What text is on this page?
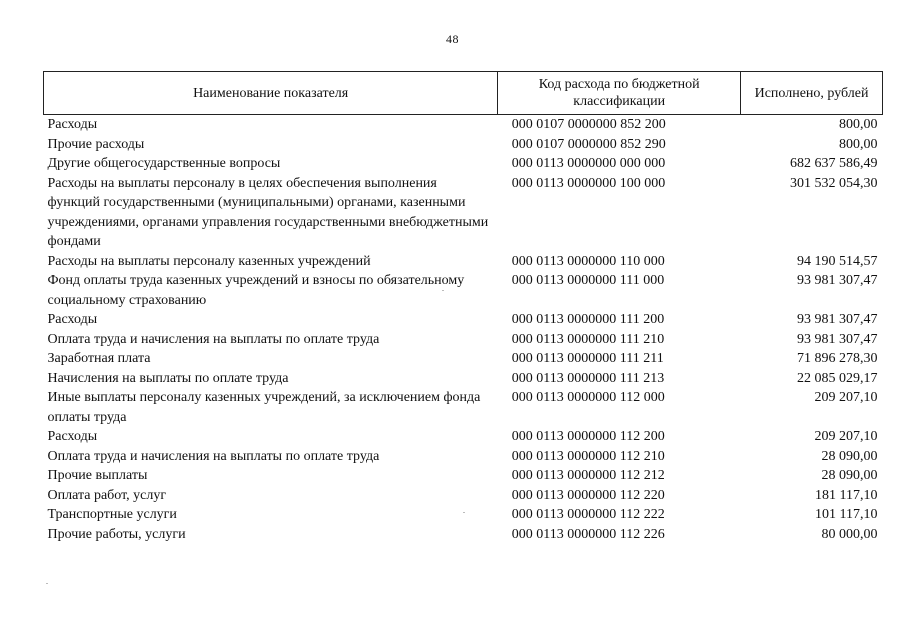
48
Наименование показателя	Код расхода по бюджетной классификации	Исполнено, рублей
Расходы	000 0107 0000000 852 200	800,00
Прочие расходы	000 0107 0000000 852 290	800,00
Другие общегосударственные вопросы	000 0113 0000000 000 000	682 637 586,49
Расходы на выплаты персоналу в целях обеспечения выполнения функций государственными (муниципальными) органами, казенными учреждениями, органами управления государственными внебюджетными фондами	000 0113 0000000 100 000	301 532 054,30
Расходы на выплаты персоналу казенных учреждений	000 0113 0000000 110 000	94 190 514,57
Фонд оплаты труда казенных учреждений и взносы по обязательному социальному страхованию	000 0113 0000000 111 000	93 981 307,47
Расходы	000 0113 0000000 111 200	93 981 307,47
Оплата труда и начисления на выплаты по оплате труда	000 0113 0000000 111 210	93 981 307,47
Заработная плата	000 0113 0000000 111 211	71 896 278,30
Начисления на выплаты по оплате труда	000 0113 0000000 111 213	22 085 029,17
Иные выплаты персоналу казенных учреждений, за исключением фонда оплаты труда	000 0113 0000000 112 000	209 207,10
Расходы	000 0113 0000000 112 200	209 207,10
Оплата труда и начисления на выплаты по оплате труда	000 0113 0000000 112 210	28 090,00
Прочие выплаты	000 0113 0000000 112 212	28 090,00
Оплата работ, услуг	000 0113 0000000 112 220	181 117,10
Транспортные услуги	000 0113 0000000 112 222	101 117,10
Прочие работы, услуги	000 0113 0000000 112 226	80 000,00
